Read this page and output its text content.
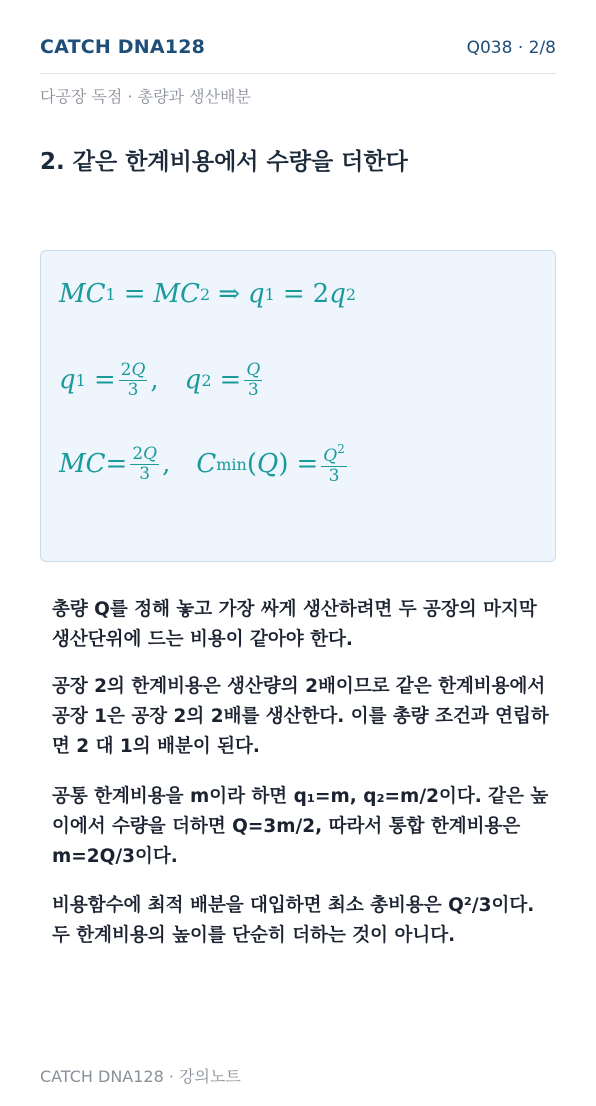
CATCH DNA128	Q038 · 2/8
다공장 독점 · 총량과 생산배분
2. 같은 한계비용에서 수량을 더한다
MC 1 = MC 2 ⇒ q 1 = 2 q 2
q $1 = \frac{2Q}{3}$ , q $2 = \frac{Q}{3}$
MC = $\frac{2Q}{3}$ , C min ( Q ) = $\frac{Q^2}{3}$

총량 Q를 정해 놓고 가장 싸게 생산하려면 두 공장의 마지막 생산단위에 드는 비용이 같아야 한다.

공장 2의 한계비용은 생산량의 2배이므로 같은 한계비용에서 공장 1은 공장 2의 2배를 생산한다. 이를 총량 조건과 연립하면 2 대 1의 배분이 된다.

공통 한계비용을 m이라 하면 q₁=m, q₂=m/2이다. 같은 높이에서 수량을 더하면 Q=3m/2, 따라서 통합 한계비용은 m=2Q/3이다.

비용함수에 최적 배분을 대입하면 최소 총비용은 Q²/3이다. 두 한계비용의 높이를 단순히 더하는 것이 아니다.

CATCH DNA128 · 강의노트
